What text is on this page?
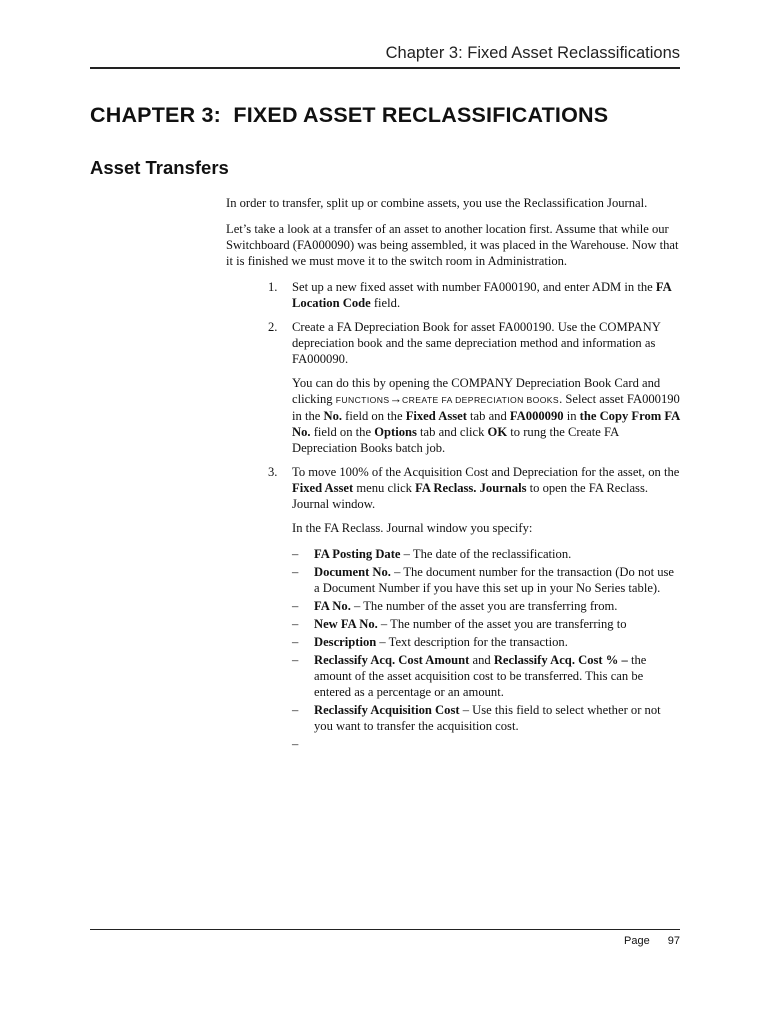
Chapter 3: Fixed Asset Reclassifications
CHAPTER 3:  FIXED ASSET RECLASSIFICATIONS
Asset Transfers

In order to transfer, split up or combine assets, you use the Reclassification Journal.

Let’s take a look at a transfer of an asset to another location first. Assume that while our Switchboard (FA000090) was being assembled, it was placed in the Warehouse. Now that it is finished we must move it to the switch room in Administration.

1. Set up a new fixed asset with number FA000190, and enter ADM in the FA Location Code field.
2. Create a FA Depreciation Book for asset FA000190. Use the COMPANY depreciation book and the same depreciation method and information as FA000090.
You can do this by opening the COMPANY Depreciation Book Card and clicking FUNCTIONS→CREATE FA DEPRECIATION BOOKS. Select asset FA000190 in the No. field on the Fixed Asset tab and FA000090 in the Copy From FA No. field on the Options tab and click OK to rung the Create FA Depreciation Books batch job.
3. To move 100% of the Acquisition Cost and Depreciation for the asset, on the Fixed Asset menu click FA Reclass. Journals to open the FA Reclass. Journal window.
In the FA Reclass. Journal window you specify:
– FA Posting Date – The date of the reclassification.
– Document No. – The document number for the transaction (Do not use a Document Number if you have this set up in your No Series table).
– FA No. – The number of the asset you are transferring from.
– New FA No. – The number of the asset you are transferring to
– Description – Text description for the transaction.
– Reclassify Acq. Cost Amount and Reclassify Acq. Cost % – the amount of the asset acquisition cost to be transferred. This can be entered as a percentage or an amount.
– Reclassify Acquisition Cost – Use this field to select whether or not you want to transfer the acquisition cost.
–

Page 97
